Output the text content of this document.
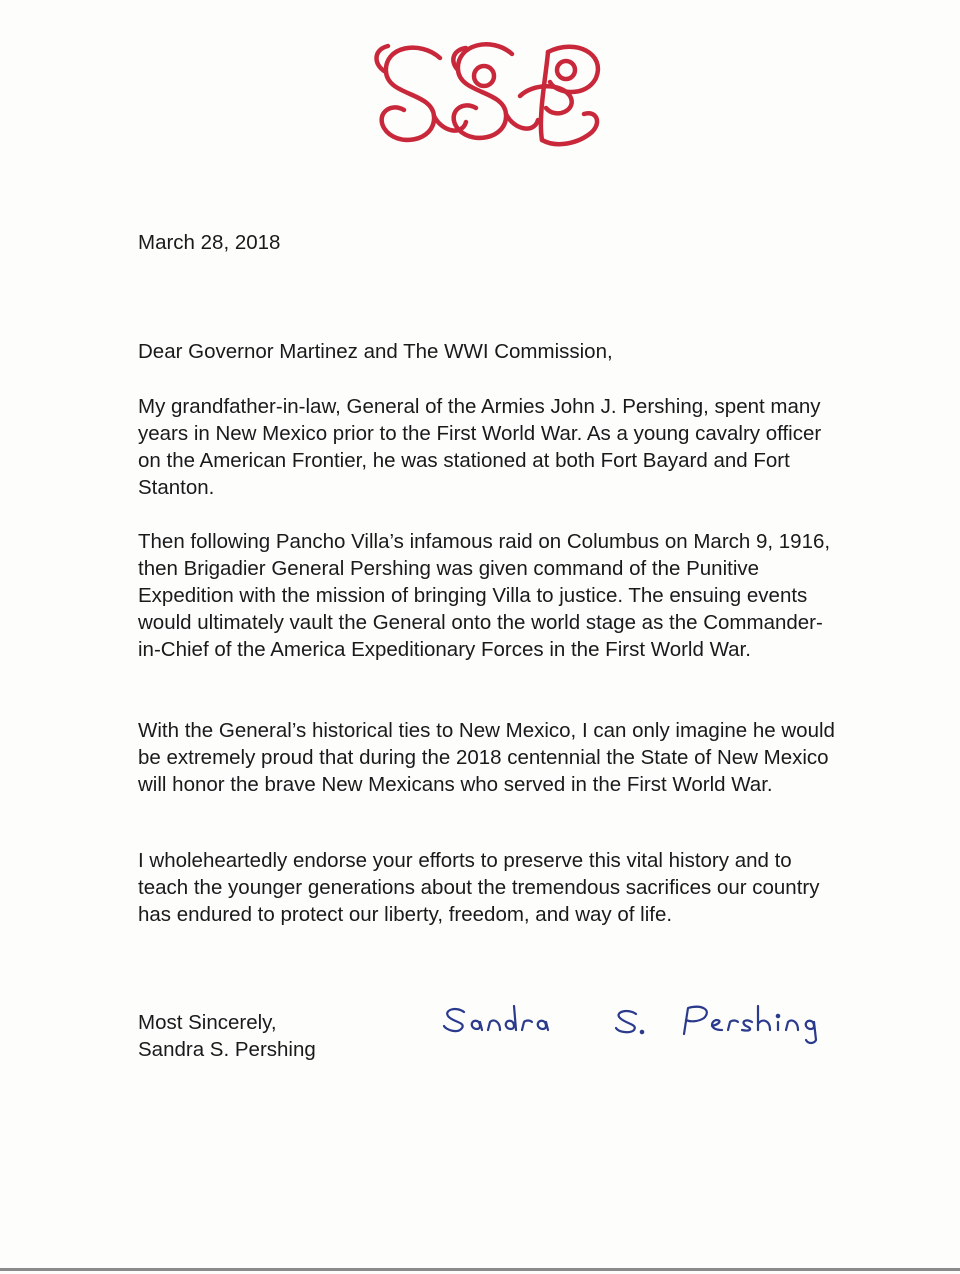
March 28, 2018

Dear Governor Martinez and The WWI Commission,

My grandfather-in-law, General of the Armies John J. Pershing, spent many years in New Mexico prior to the First World War. As a young cavalry officer on the American Frontier, he was stationed at both Fort Bayard and Fort Stanton.

Then following Pancho Villa’s infamous raid on Columbus on March 9, 1916, then Brigadier General Pershing was given command of the Punitive Expedition with the mission of bringing Villa to justice. The ensuing events would ultimately vault the General onto the world stage as the Commander-in-Chief of the America Expeditionary Forces in the First World War.

With the General’s historical ties to New Mexico, I can only imagine he would be extremely proud that during the 2018 centennial the State of New Mexico will honor the brave New Mexicans who served in the First World War.

I wholeheartedly endorse your efforts to preserve this vital history and to teach the younger generations about the tremendous sacrifices our country has endured to protect our liberty, freedom, and way of life.

Most Sincerely,
Sandra S. Pershing
